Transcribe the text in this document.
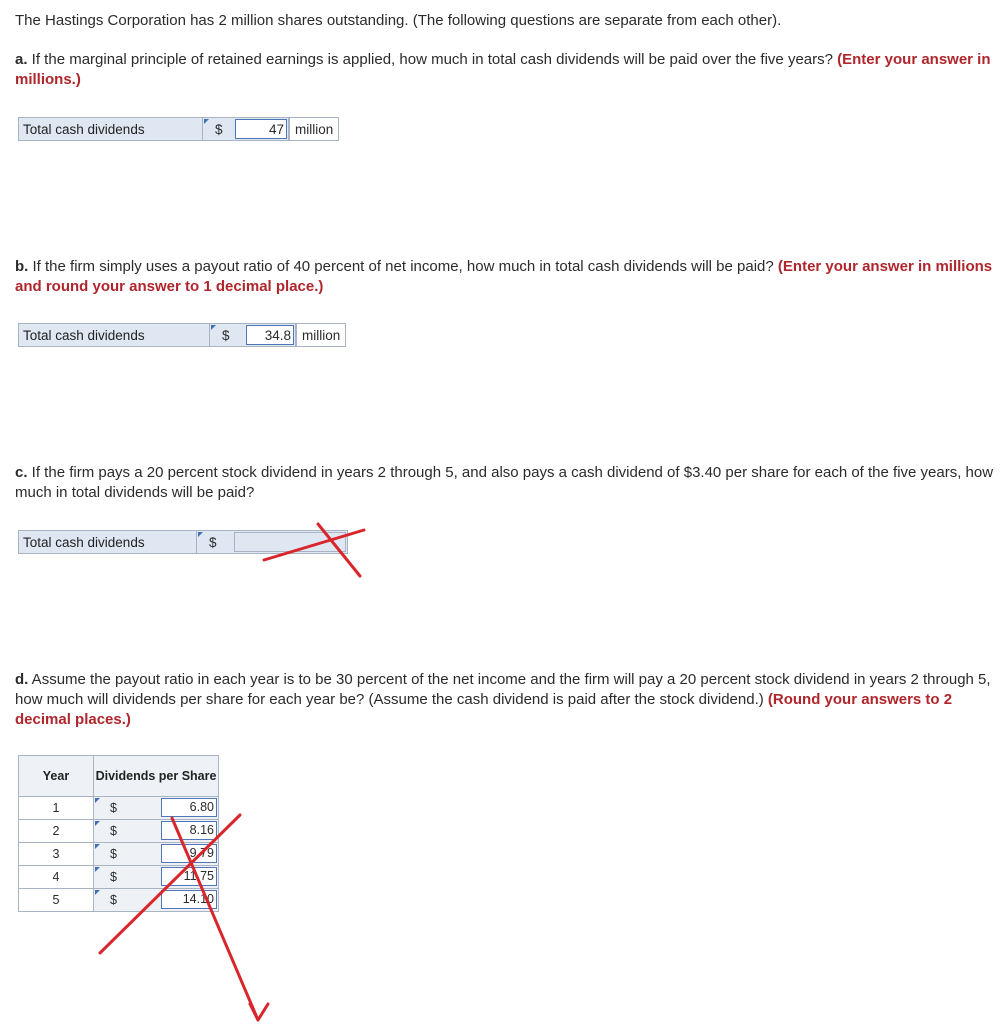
The Hastings Corporation has 2 million shares outstanding. (The following questions are separate from each other).
a. If the marginal principle of retained earnings is applied, how much in total cash dividends will be paid over the five years? (Enter your answer in millions.)
Total cash dividends	$	47 million
b. If the firm simply uses a payout ratio of 40 percent of net income, how much in total cash dividends will be paid? (Enter your answer in millions and round your answer to 1 decimal place.)
Total cash dividends	$	34.8 million
c. If the firm pays a 20 percent stock dividend in years 2 through 5, and also pays a cash dividend of $3.40 per share for each of the five years, how much in total dividends will be paid?
Total cash dividends	$
d. Assume the payout ratio in each year is to be 30 percent of the net income and the firm will pay a 20 percent stock dividend in years 2 through 5, how much will dividends per share for each year be? (Assume the cash dividend is paid after the stock dividend.) (Round your answers to 2 decimal places.)
Year	Dividends per Share
1	$ 6.80

2	$ 8.16

3	$ 9.79

4	$ 11.75

5	$ 14.10
